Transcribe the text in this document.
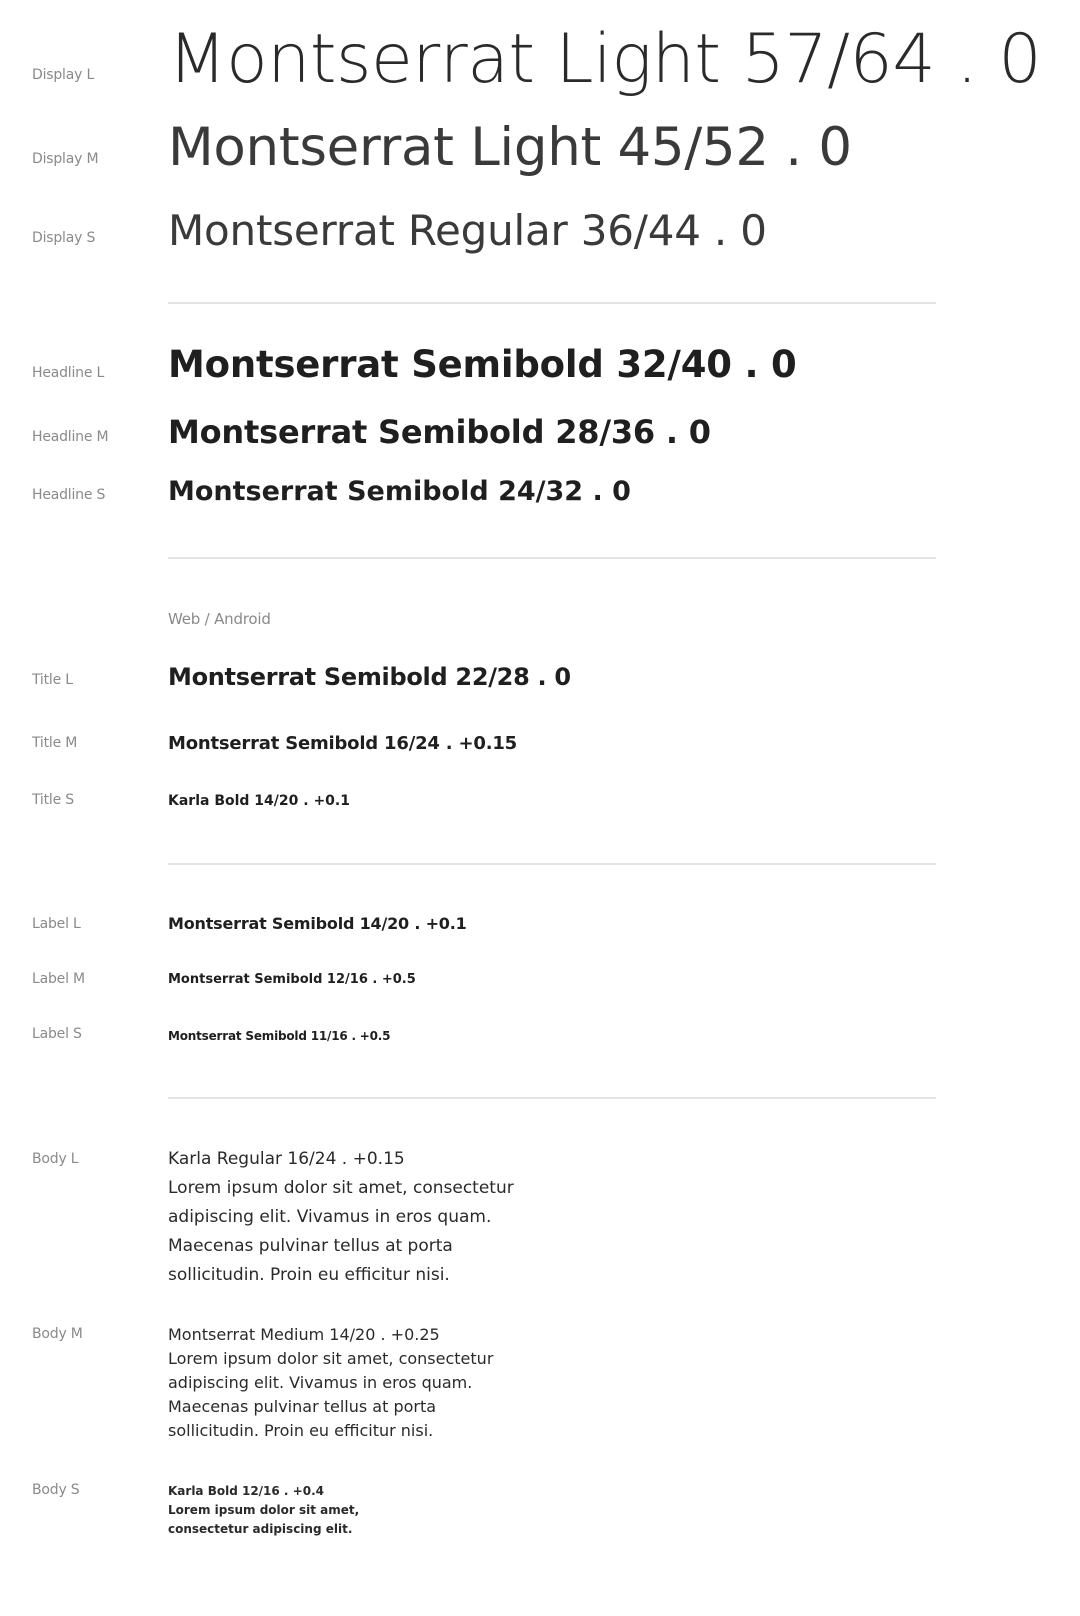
Display L Montserrat Light 57/64 . 0
Display M Montserrat Light 45/52 . 0
Display S Montserrat Regular 36/44 . 0
Headline L Montserrat Semibold 32/40 . 0
Headline M Montserrat Semibold 28/36 . 0
Headline S Montserrat Semibold 24/32 . 0
Web / Android
Title L	Montserrat Semibold 22/28 . 0
Title M	Montserrat Semibold 16/24 . +0.15
Title S	Karla Bold 14/20 . +0.1
Label L	Montserrat Semibold 14/20 . +0.1
Label M	Montserrat Semibold 12/16 . +0.5
Label S	Montserrat Semibold 11/16 . +0.5
Body L	Karla Regular 16/24 . +0.15
Lorem ipsum dolor sit amet, consectetur
adipiscing elit. Vivamus in eros quam.
Maecenas pulvinar tellus at porta
sollicitudin. Proin eu efficitur nisi.
Body M	Montserrat Medium 14/20 . +0.25
Lorem ipsum dolor sit amet, consectetur
adipiscing elit. Vivamus in eros quam.
Maecenas pulvinar tellus at porta
sollicitudin. Proin eu efficitur nisi.
Body S	Karla Bold 12/16 . +0.4
Lorem ipsum dolor sit amet,
consectetur adipiscing elit.
